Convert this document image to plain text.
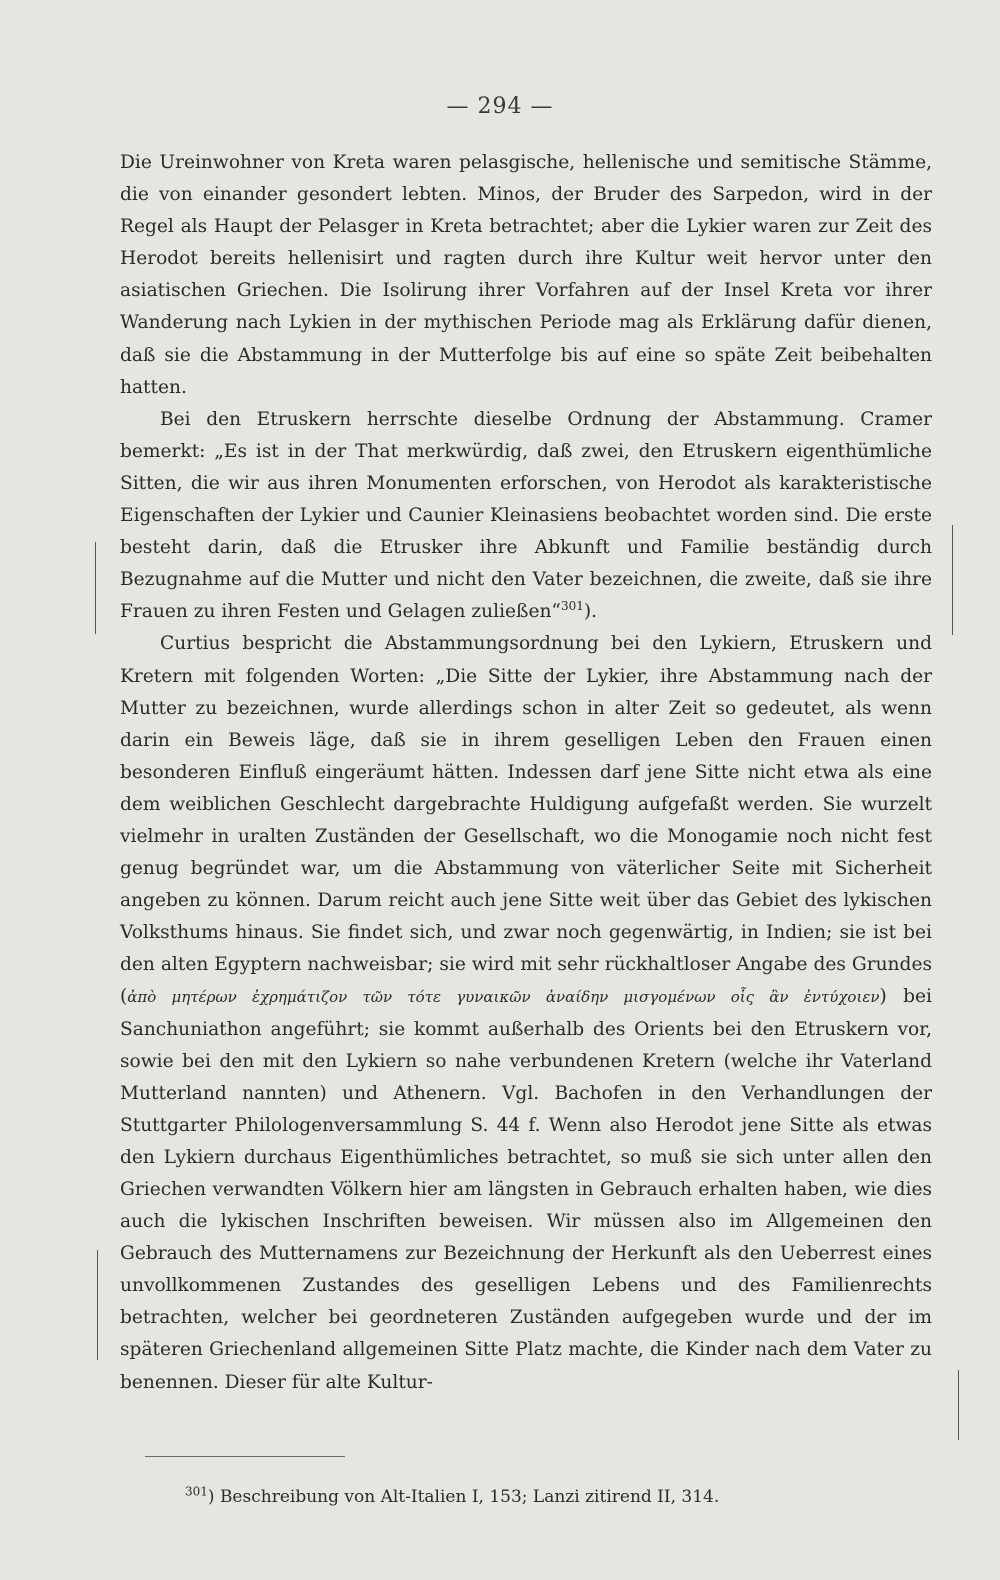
— 294 —

Die Ureinwohner von Kreta waren pelasgische, hellenische und semitische Stämme, die von einander gesondert lebten. Minos, der Bruder des Sarpedon, wird in der Regel als Haupt der Pelasger in Kreta betrachtet; aber die Lykier waren zur Zeit des Herodot bereits hellenisirt und ragten durch ihre Kultur weit hervor unter den asiatischen Griechen. Die Isolirung ihrer Vorfahren auf der Insel Kreta vor ihrer Wanderung nach Lykien in der mythischen Periode mag als Erklärung dafür dienen, daß sie die Abstammung in der Mutterfolge bis auf eine so späte Zeit beibehalten hatten.

Bei den Etruskern herrschte dieselbe Ordnung der Abstammung. Cramer bemerkt: „Es ist in der That merkwürdig, daß zwei, den Etruskern eigenthümliche Sitten, die wir aus ihren Monumenten erforschen, von Herodot als karakteristische Eigenschaften der Lykier und Caunier Kleinasiens beobachtet worden sind. Die erste besteht darin, daß die Etrusker ihre Abkunft und Familie beständig durch Bezugnahme auf die Mutter und nicht den Vater bezeichnen, die zweite, daß sie ihre Frauen zu ihren Festen und Gelagen zuließen“$^{301}$).

Curtius bespricht die Abstammungsordnung bei den Lykiern, Etruskern und Kretern mit folgenden Worten: „Die Sitte der Lykier, ihre Abstammung nach der Mutter zu bezeichnen, wurde allerdings schon in alter Zeit so gedeutet, als wenn darin ein Beweis läge, daß sie in ihrem geselligen Leben den Frauen einen besonderen Einfluß eingeräumt hätten. Indessen darf jene Sitte nicht etwa als eine dem weiblichen Geschlecht dargebrachte Huldigung aufgefaßt werden. Sie wurzelt vielmehr in uralten Zuständen der Gesellschaft, wo die Monogamie noch nicht fest genug begründet war, um die Abstammung von väterlicher Seite mit Sicherheit angeben zu können. Darum reicht auch jene Sitte weit über das Gebiet des lykischen Volksthums hinaus. Sie findet sich, und zwar noch gegenwärtig, in Indien; sie ist bei den alten Egyptern nachweisbar; sie wird mit sehr rückhaltloser Angabe des Grundes (ἀπὸ μητέρων ἐχρημάτιζον τῶν τότε γυναικῶν ἀναίδην μισγομένων οἷς ἂν ἐντύχοιεν) bei Sanchuniathon angeführt; sie kommt außerhalb des Orients bei den Etruskern vor, sowie bei den mit den Lykiern so nahe verbundenen Kretern (welche ihr Vaterland Mutterland nannten) und Athenern. Vgl. Bachofen in den Verhandlungen der Stuttgarter Philologenversammlung S. 44 f. Wenn also Herodot jene Sitte als etwas den Lykiern durchaus Eigenthümliches betrachtet, so muß sie sich unter allen den Griechen verwandten Völkern hier am längsten in Gebrauch erhalten haben, wie dies auch die lykischen Inschriften beweisen. Wir müssen also im Allgemeinen den Gebrauch des Mutternamens zur Bezeichnung der Herkunft als den Ueberrest eines unvollkommenen Zustandes des geselligen Lebens und des Familienrechts betrachten, welcher bei geordneteren Zuständen aufgegeben wurde und der im späteren Griechenland allgemeinen Sitte Platz machte, die Kinder nach dem Vater zu benennen. Dieser für alte Kultur-

$^{301}$) Beschreibung von Alt-Italien I, 153; Lanzi zitirend II, 314.
